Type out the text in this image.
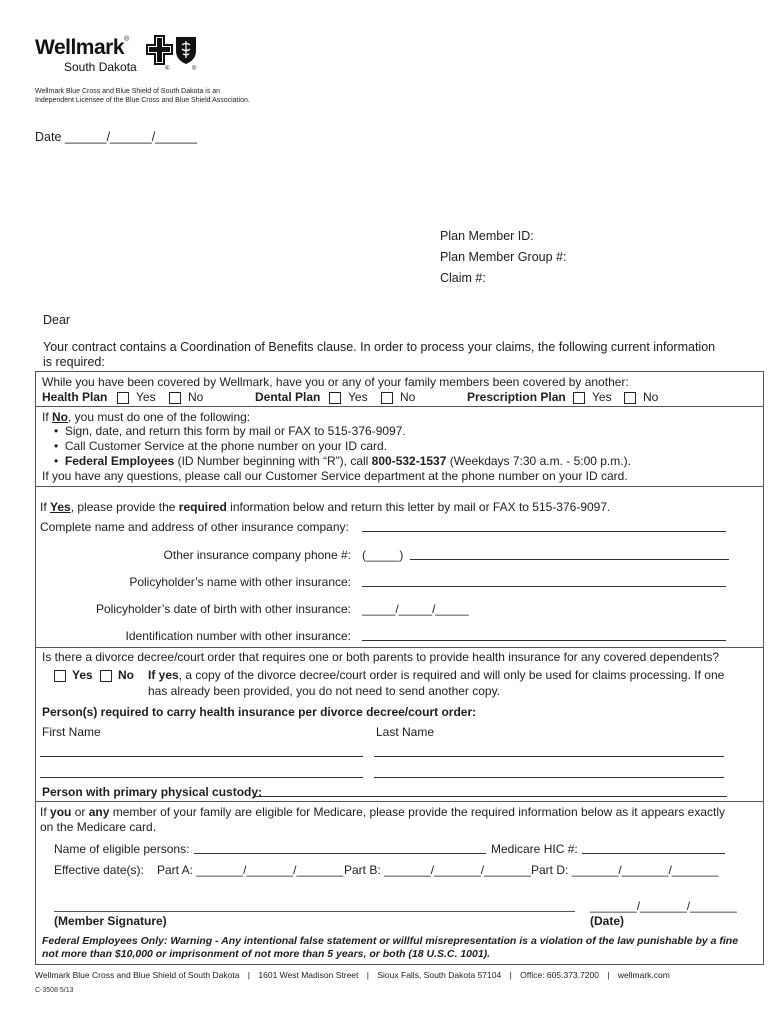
Wellmark®
South Dakota	®	®
Wellmark Blue Cross and Blue Shield of South Dakota is an
Independent Licensee of the Blue Cross and Blue Shield Association.
Date ______/______/______
Plan Member ID:
Plan Member Group #:
Claim #:
Dear
Your contract contains a Coordination of Benefits clause. In order to process your claims, the following current information
is required:
While you have been covered by Wellmark, have you or any of your family members been covered by another:
Health Plan Yes	No	Dental Plan Yes	No	Prescription Plan Yes	No
If No, you must do one of the following:
•  Sign, date, and return this form by mail or FAX to 515-376-9097.
•  Call Customer Service at the phone number on your ID card.
•  Federal Employees (ID Number beginning with “R”), call 800-532-1537 (Weekdays 7:30 a.m. - 5:00 p.m.).
If you have any questions, please call our Customer Service department at the phone number on your ID card.
If Yes, please provide the required information below and return this letter by mail or FAX to 515-376-9097.
Complete name and address of other insurance company:
Other insurance company phone #: (_____)
Policyholder’s name with other insurance:
Policyholder’s date of birth with other insurance: _____/_____/_____
Identification number with other insurance:
Is there a divorce decree/court order that requires one or both parents to provide health insurance for any covered dependents?
Yes No If yes, a copy of the divorce decree/court order is required and will only be used for claims processing. If one
has already been provided, you do not need to send another copy.
Person(s) required to carry health insurance per divorce decree/court order:
First Name	Last Name
Person with primary physical custody:
If you or any member of your family are eligible for Medicare, please provide the required information below as it appears exactly
on the Medicare card.
Name of eligible persons:	Medicare HIC #:
Effective date(s): Part A: _______/_______/_______ Part B: _______/_______/_______ Part D: _______/_______/_______
_______/_______/_______
(Member Signature)	(Date)
Federal Employees Only: Warning - Any intentional false statement or willful misrepresentation is a violation of the law punishable by a fine
not more than $10,000 or imprisonment of not more than 5 years, or both (18 U.S.C. 1001).
Wellmark Blue Cross and Blue Shield of South Dakota | 1601 West Madison Street | Sioux Falls, South Dakota 57104 | Office: 605.373.7200 | wellmark.com
C-3508 5/13
